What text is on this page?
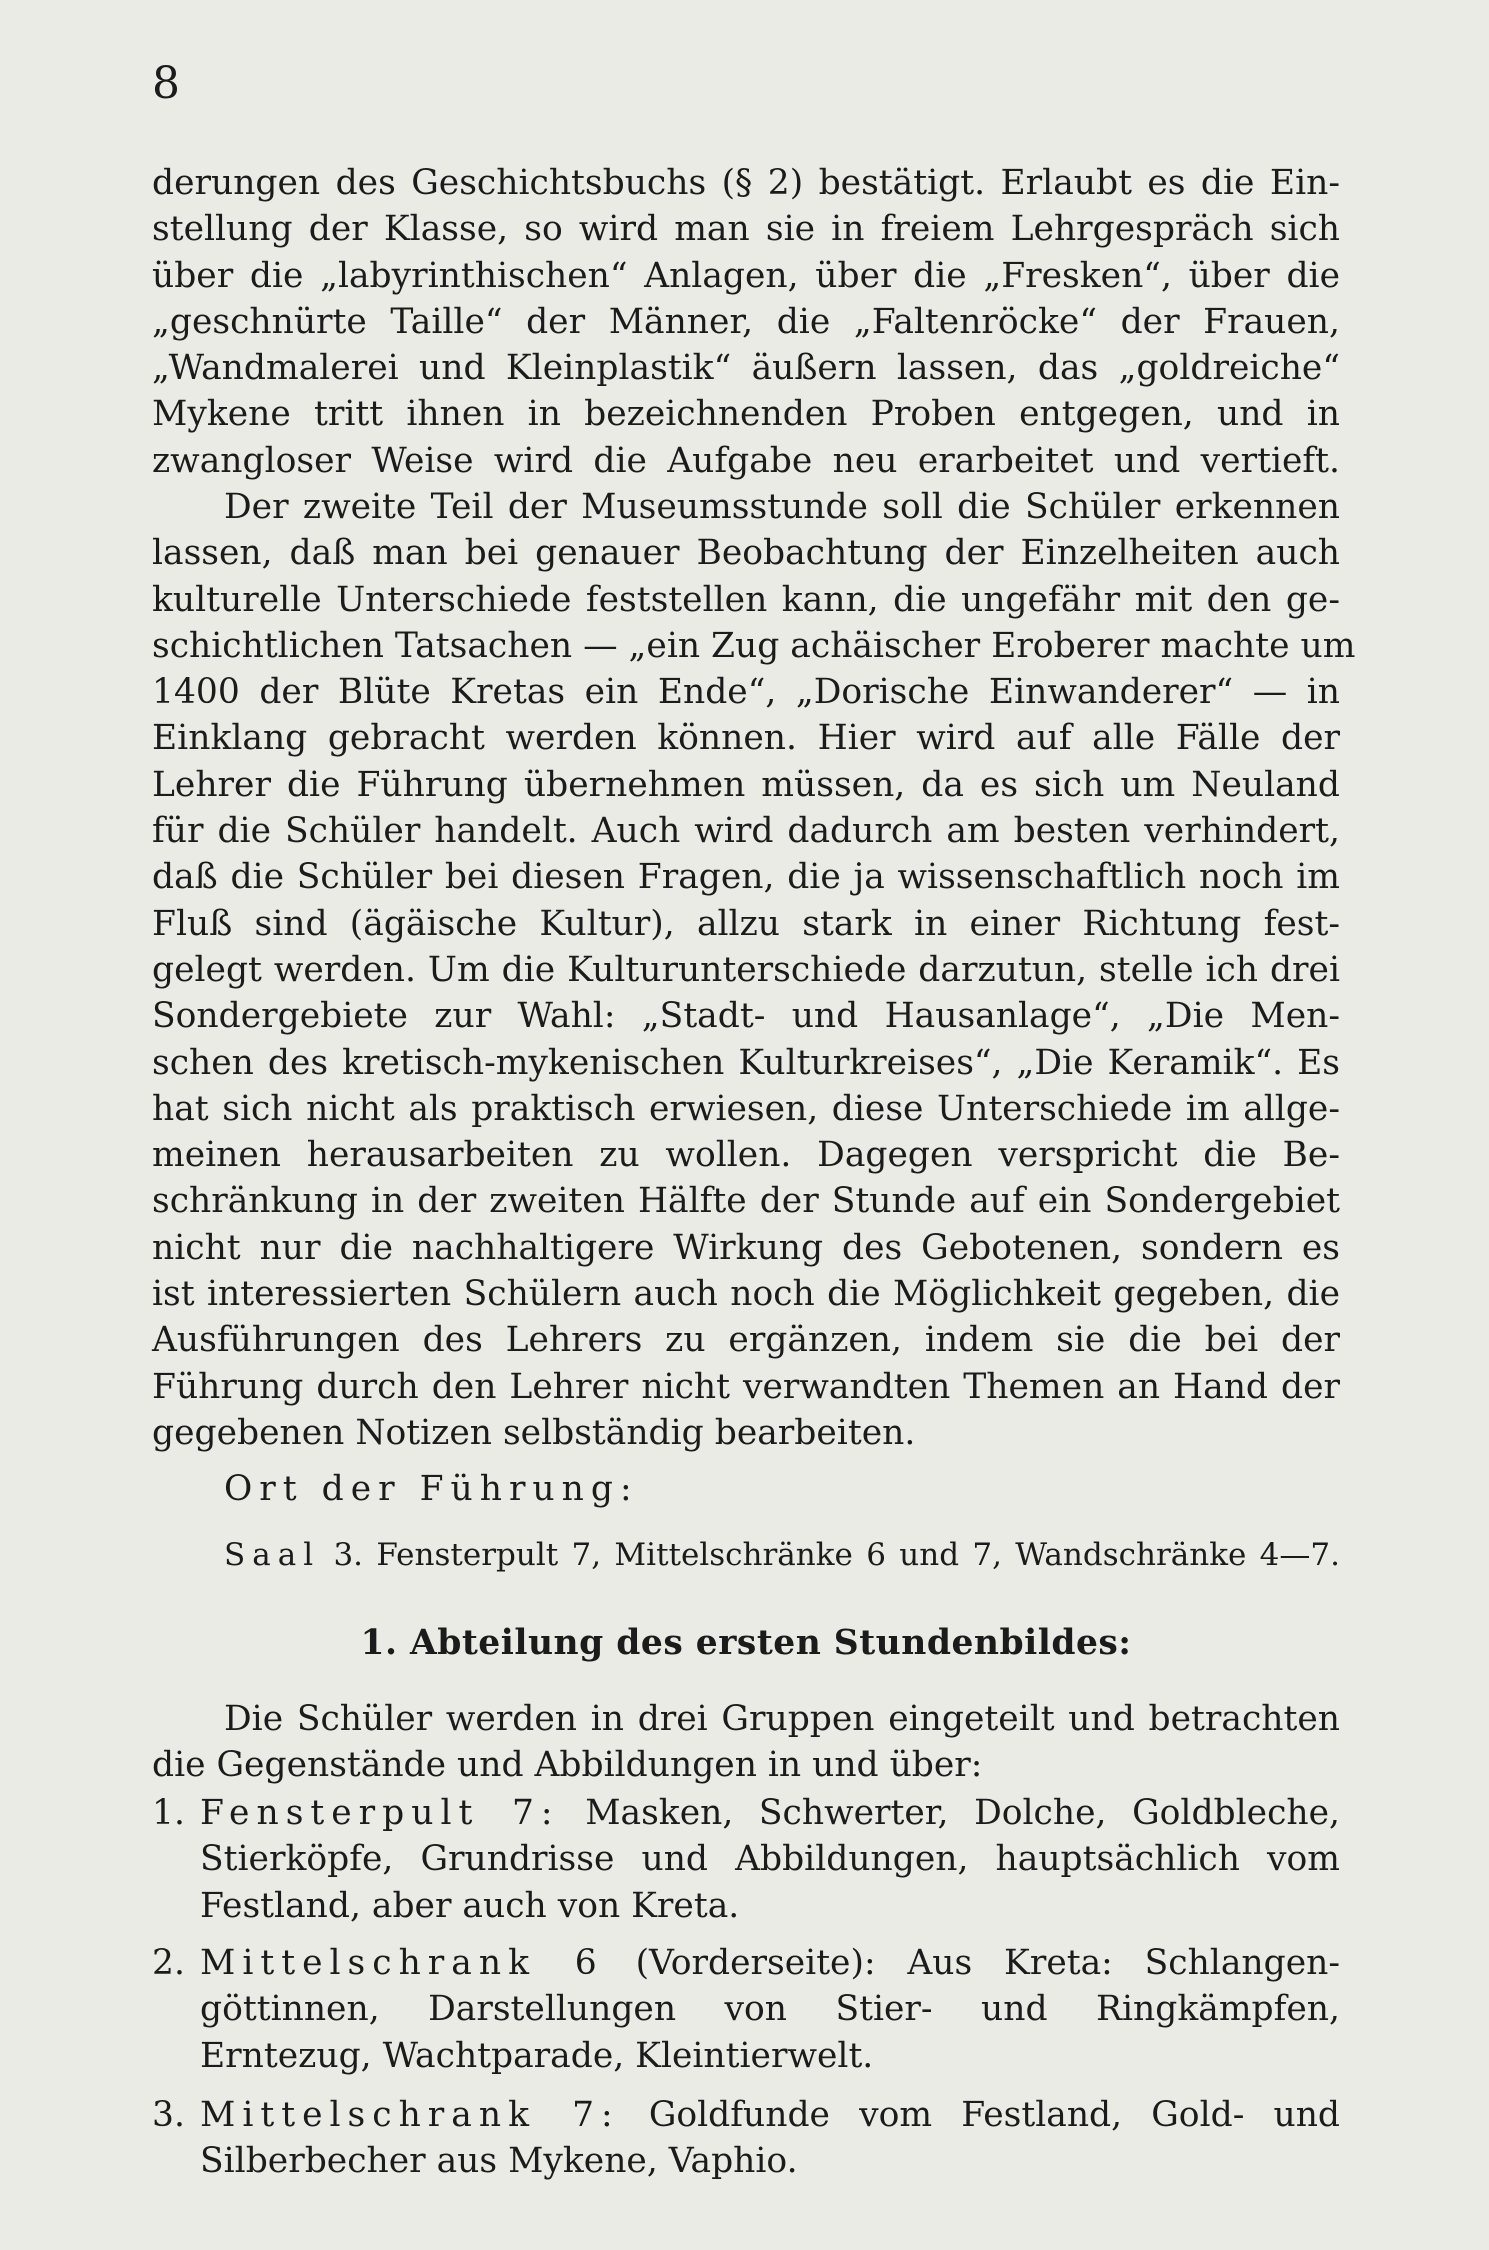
8
derungen des Geschichtsbuchs (§ 2) bestätigt. Erlaubt es die Ein-
stellung der Klasse, so wird man sie in freiem Lehrgespräch sich
über die „labyrinthischen“ Anlagen, über die „Fresken“, über die
„geschnürte Taille“ der Männer, die „Faltenröcke“ der Frauen,
„Wandmalerei und Kleinplastik“ äußern lassen, das „goldreiche“
Mykene tritt ihnen in bezeichnenden Proben entgegen, und in
zwangloser Weise wird die Aufgabe neu erarbeitet und vertieft.
Der zweite Teil der Museumsstunde soll die Schüler erkennen
lassen, daß man bei genauer Beobachtung der Einzelheiten auch
kulturelle Unterschiede feststellen kann, die ungefähr mit den ge-
schichtlichen Tatsachen — „ein Zug achäischer Eroberer machte um
1400 der Blüte Kretas ein Ende“, „Dorische Einwanderer“ — in
Einklang gebracht werden können. Hier wird auf alle Fälle der
Lehrer die Führung übernehmen müssen, da es sich um Neuland
für die Schüler handelt. Auch wird dadurch am besten verhindert,
daß die Schüler bei diesen Fragen, die ja wissenschaftlich noch im
Fluß sind (ägäische Kultur), allzu stark in einer Richtung fest-
gelegt werden. Um die Kulturunterschiede darzutun, stelle ich drei
Sondergebiete zur Wahl: „Stadt- und Hausanlage“, „Die Men-
schen des kretisch-mykenischen Kulturkreises“, „Die Keramik“. Es
hat sich nicht als praktisch erwiesen, diese Unterschiede im allge-
meinen herausarbeiten zu wollen. Dagegen verspricht die Be-
schränkung in der zweiten Hälfte der Stunde auf ein Sondergebiet
nicht nur die nachhaltigere Wirkung des Gebotenen, sondern es
ist interessierten Schülern auch noch die Möglichkeit gegeben, die
Ausführungen des Lehrers zu ergänzen, indem sie die bei der
Führung durch den Lehrer nicht verwandten Themen an Hand der
gegebenen Notizen selbständig bearbeiten.
Ort der Führung:
Saal 3. Fensterpult 7, Mittelschränke 6 und 7, Wandschränke 4—7.
1. Abteilung des ersten Stundenbildes:
Die Schüler werden in drei Gruppen eingeteilt und betrachten
die Gegenstände und Abbildungen in und über:
1. Fensterpult 7: Masken, Schwerter, Dolche, Goldbleche,
Stierköpfe, Grundrisse und Abbildungen, hauptsächlich vom
Festland, aber auch von Kreta.
2. Mittelschrank 6 (Vorderseite): Aus Kreta: Schlangen-
göttinnen, Darstellungen von Stier- und Ringkämpfen,
Erntezug, Wachtparade, Kleintierwelt.
3. Mittelschrank 7: Goldfunde vom Festland, Gold- und
Silberbecher aus Mykene, Vaphio.
